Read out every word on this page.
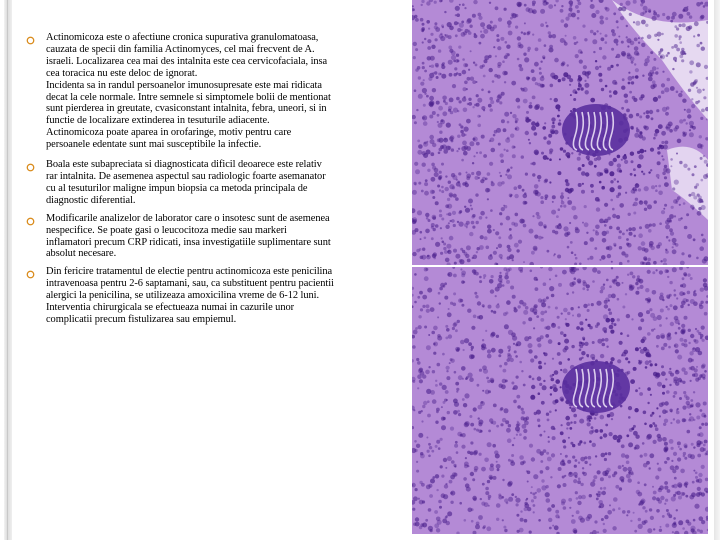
Actinomicoza este o afectiune cronica supurativa granulomatoasa,
cauzata de specii din familia Actinomyces, cel mai frecvent de A.
israeli. Localizarea cea mai des intalnita este cea cervicofaciala, insa
cea toracica nu este deloc de ignorat.
Incidenta sa in randul persoanelor imunosupresate este mai ridicata
decat la cele normale. Intre semnele si simptomele bolii de mentionat
sunt pierderea in greutate, cvasiconstant intalnita, febra, uneori, si in
functie de localizare extinderea in tesuturile adiacente.
Actinomicoza poate aparea in orofaringe, motiv pentru care
persoanele edentate sunt mai susceptibile la infectie.
Boala este subapreciata si diagnosticata dificil deoarece este relativ
rar intalnita. De asemenea aspectul sau radiologic foarte asemanator
cu al tesuturilor maligne impun biopsia ca metoda principala de
diagnostic diferential.
Modificarile analizelor de laborator care o insotesc sunt de asemenea
nespecifice. Se poate gasi o leucocitoza medie sau markeri
inflamatori precum CRP ridicati, insa investigatiile suplimentare sunt
absolut necesare.
Din fericire tratamentul de electie pentru actinomicoza este penicilina
intravenoasa pentru 2-6 saptamani, sau, ca substituent pentru pacientii
alergici la penicilina, se utilizeaza amoxicilina vreme de 6-12 luni.
Interventia chirurgicala se efectueaza numai in cazurile unor
complicatii precum fistulizarea sau empiemul.
